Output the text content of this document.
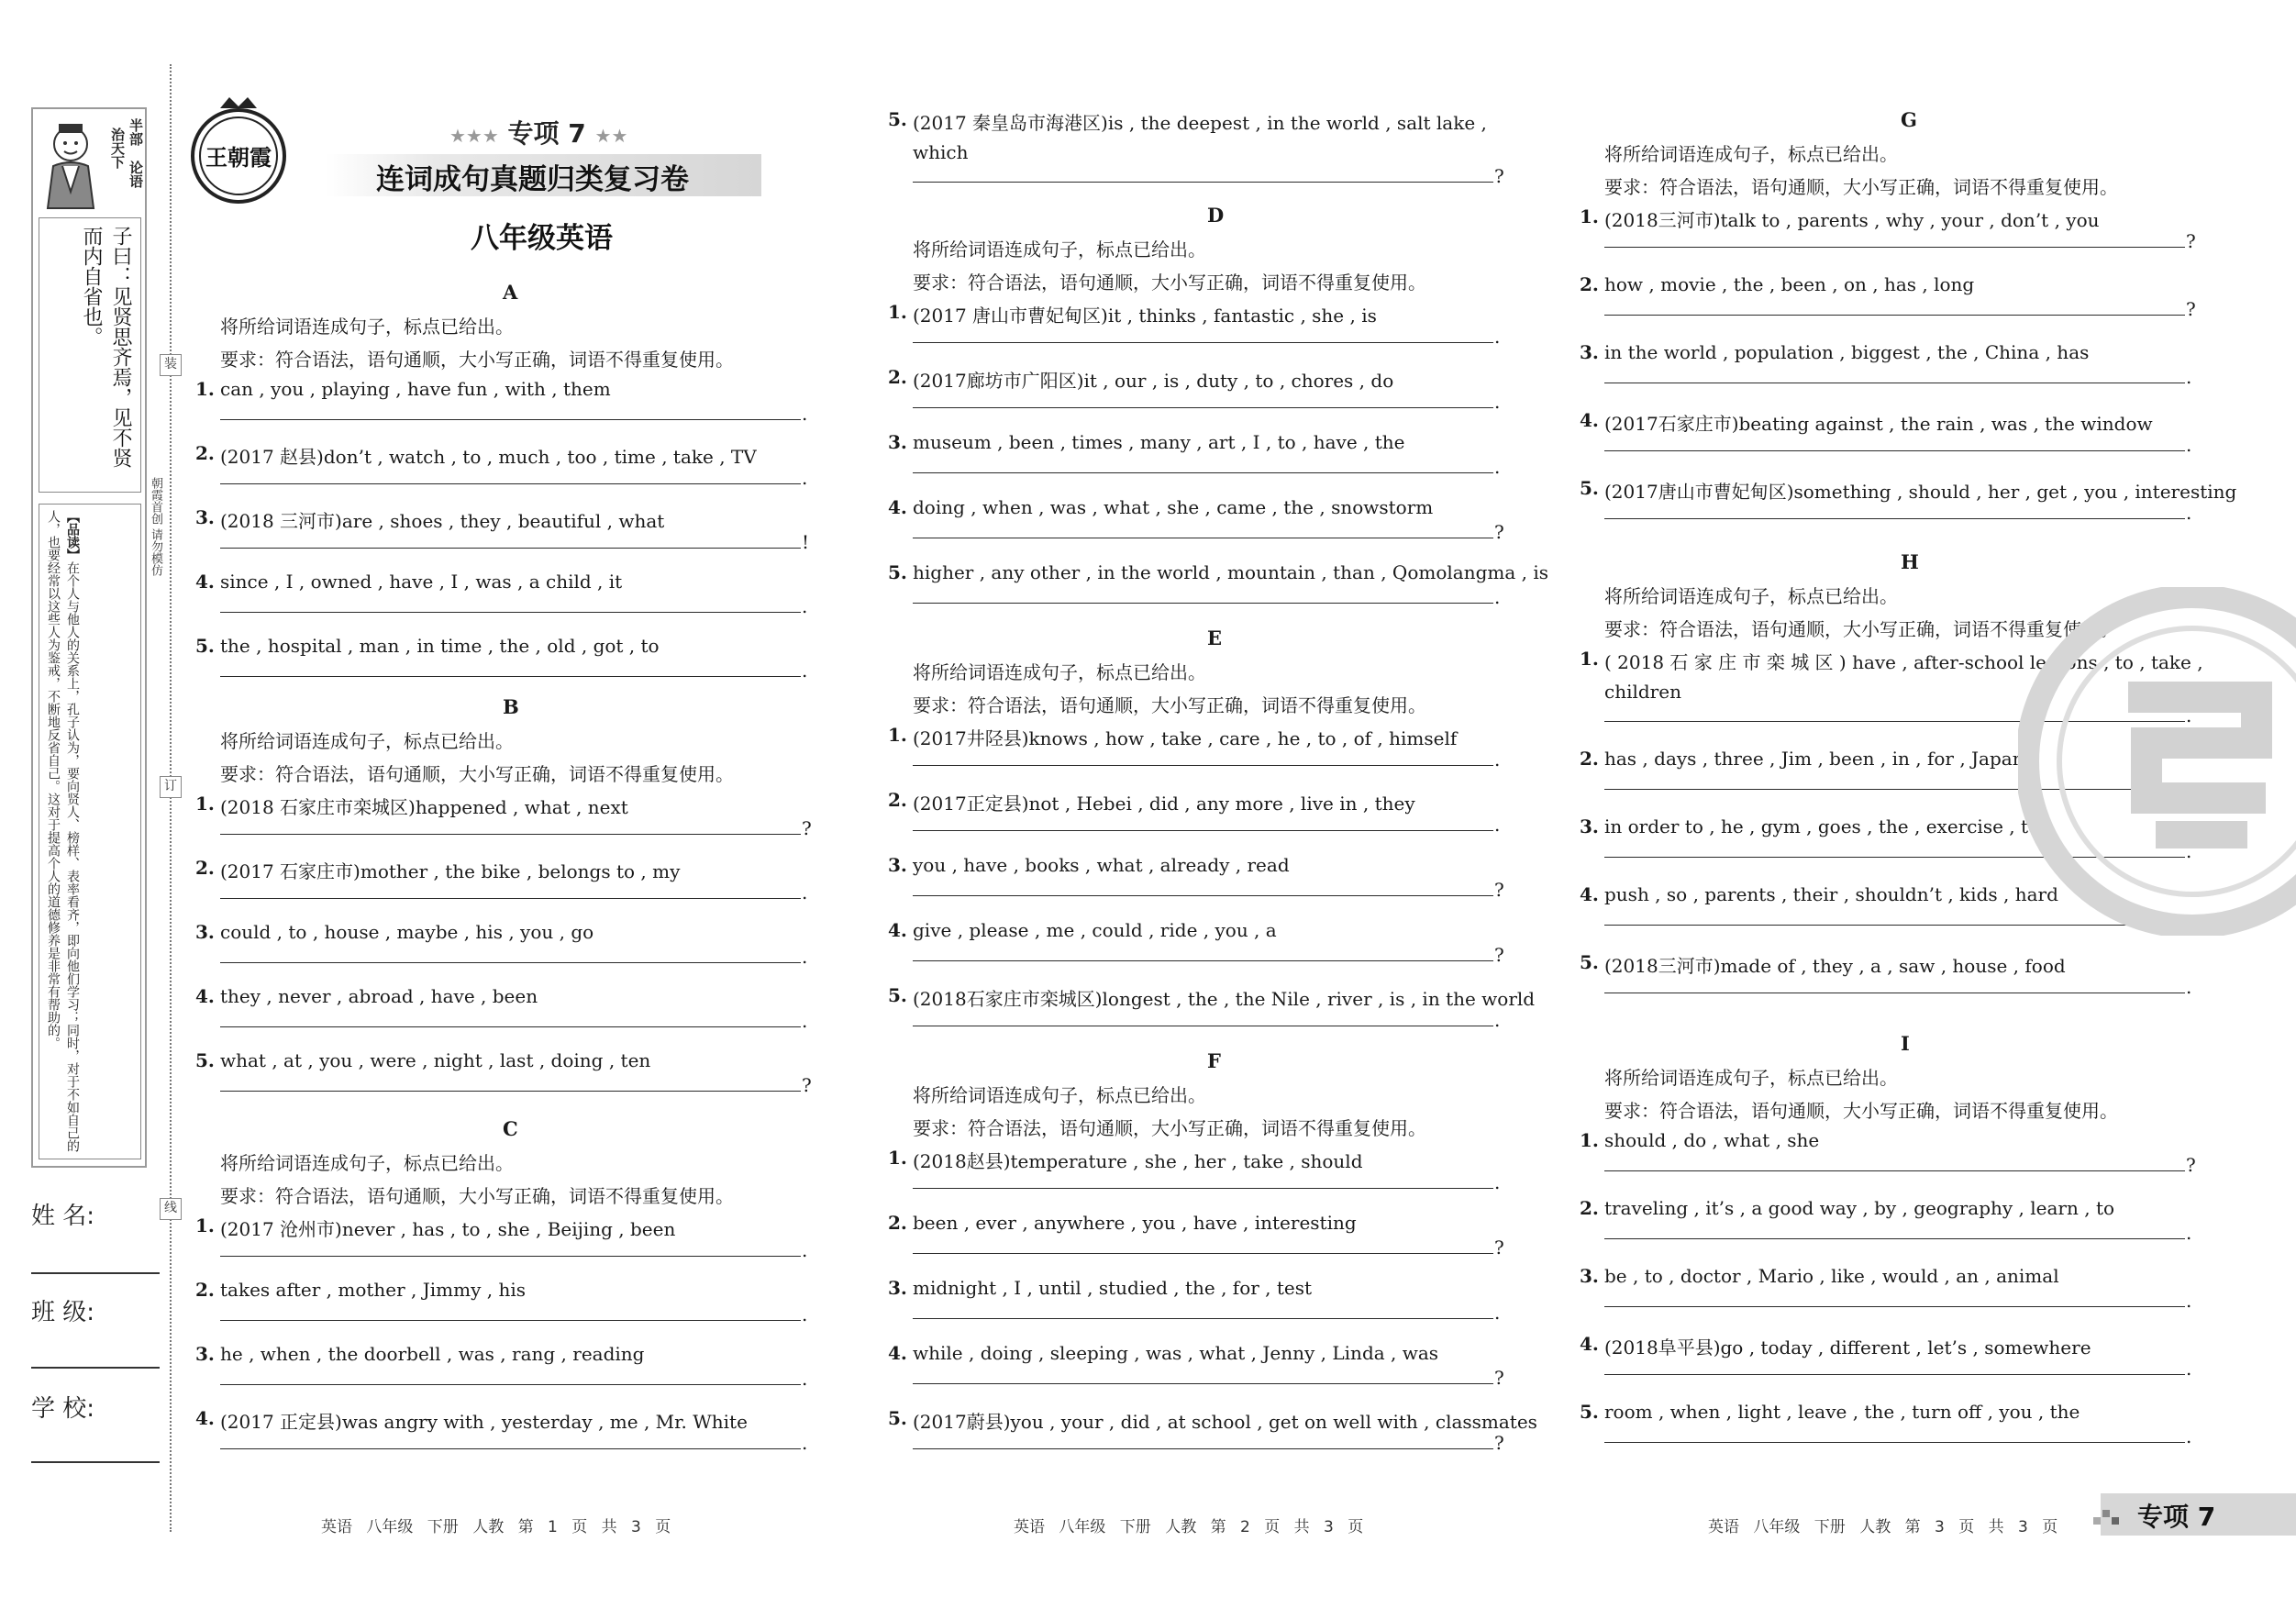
半部
治天下
论语
子曰：见贤思齐焉，见不贤
而内自省也。

【品读】在个人与他人的关系上，孔子认为，要向贤人、榜样、表率看齐，即向他们学习；同时，对于不如自己的人，也要经常以这些人为鉴戒，不断地反省自己。这对于提高个人的道德修养是非常有帮助的。

姓 名:
班 级:
学 校:
装
订
线
朝霞首创 请勿模仿
王朝霞
★★★ 专项 7 ★★
连词成句真题归类复习卷
八年级英语
A
将所给词语连成句子，标点已给出。
要求：符合语法，语句通顺，大小写正确，词语不得重复使用。
1. can , you , playing , have fun , with , them
.
2. (2017 赵县)don’t , watch , to , much , too , time , take , TV
.
3. (2018 三河市)are , shoes , they , beautiful , what
!
4. since , I , owned , have , I , was , a child , it
.
5. the , hospital , man , in time , the , old , got , to
.
B
将所给词语连成句子，标点已给出。
要求：符合语法，语句通顺，大小写正确，词语不得重复使用。
1. (2018 石家庄市栾城区)happened , what , next
?
2. (2017 石家庄市)mother , the bike , belongs to , my
.
3. could , to , house , maybe , his , you , go
.
4. they , never , abroad , have , been
.
5. what , at , you , were , night , last , doing , ten
?
C
将所给词语连成句子，标点已给出。
要求：符合语法，语句通顺，大小写正确，词语不得重复使用。
1. (2017 沧州市)never , has , to , she , Beijing , been
.
2. takes after , mother , Jimmy , his
.
3. he , when , the doorbell , was , rang , reading
.
4. (2017 正定县)was angry with , yesterday , me , Mr. White
.
5. (2017 秦皇岛市海港区)is , the deepest , in the world , salt lake ,
which
?
D
将所给词语连成句子，标点已给出。
要求：符合语法，语句通顺，大小写正确，词语不得重复使用。
1. (2017 唐山市曹妃甸区)it , thinks , fantastic , she , is
.
2. (2017廊坊市广阳区)it , our , is , duty , to , chores , do
.
3. museum , been , times , many , art , I , to , have , the
.
4. doing , when , was , what , she , came , the , snowstorm
?
5. higher , any other , in the world , mountain , than , Qomolangma , is
.
E
将所给词语连成句子，标点已给出。
要求：符合语法，语句通顺，大小写正确，词语不得重复使用。
1. (2017井陉县)knows , how , take , care , he , to , of , himself
.
2. (2017正定县)not , Hebei , did , any more , live in , they
.
3. you , have , books , what , already , read
?
4. give , please , me , could , ride , you , a
?
5. (2018石家庄市栾城区)longest , the , the Nile , river , is , in the world
.
F
将所给词语连成句子，标点已给出。
要求：符合语法，语句通顺，大小写正确，词语不得重复使用。
1. (2018赵县)temperature , she , her , take , should
.
2. been , ever , anywhere , you , have , interesting
?
3. midnight , I , until , studied , the , for , test
.
4. while , doing , sleeping , was , what , Jenny , Linda , was
?
5. (2017蔚县)you , your , did , at school , get on well with , classmates
?
G
将所给词语连成句子，标点已给出。
要求：符合语法，语句通顺，大小写正确，词语不得重复使用。
1. (2018三河市)talk to , parents , why , your , don’t , you
?
2. how , movie , the , been , on , has , long
?
3. in the world , population , biggest , the , China , has
.
4. (2017石家庄市)beating against , the rain , was , the window
.
5. (2017唐山市曹妃甸区)something , should , her , get , you , interesting
.
H
将所给词语连成句子，标点已给出。
要求：符合语法，语句通顺，大小写正确，词语不得重复使用。
1. ( 2018 石 家 庄 市 栾 城 区 ) have , after-school lessons , to , take ,
children
.
2. has , days , three , Jim , been , in , for , Japan
.
3. in order to , he , gym , goes , the , exercise , to
.
4. push , so , parents , their , shouldn’t , kids , hard
.
5. (2018三河市)made of , they , a , saw , house , food
.
I
将所给词语连成句子，标点已给出。
要求：符合语法，语句通顺，大小写正确，词语不得重复使用。
1. should , do , what , she
?
2. traveling , it’s , a good way , by , geography , learn , to
.
3. be , to , doctor , Mario , like , would , an , animal
.
4. (2018阜平县)go , today , different , let’s , somewhere
.
5. room , when , light , leave , the , turn off , you , the
.
英语 八年级 下册 人教 第 1 页 共 3 页	英语 八年级 下册 人教 第 2 页 共 3 页	英语 八年级 下册 人教 第 3 页 共 3 页	专项 7
